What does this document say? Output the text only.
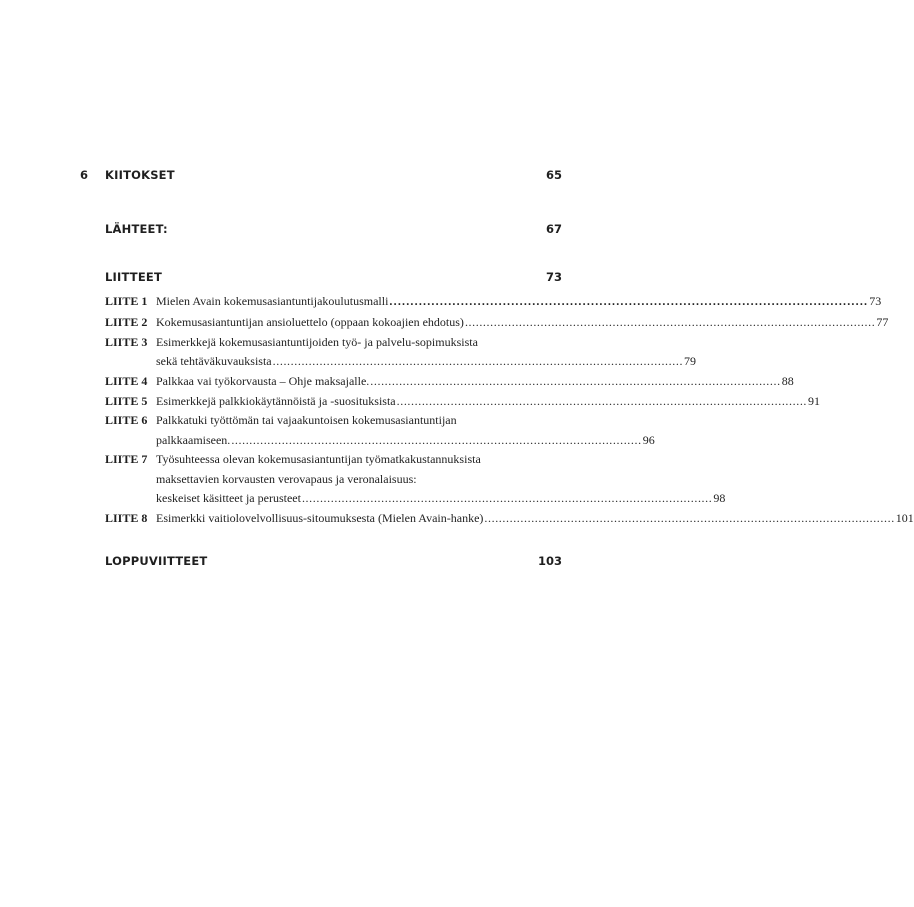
6 KIITOKSET	65
LÄHTEET:	67
LIITTEET	73
LIITE 1 Mielen Avain kokemusasiantuntijakoulutusmalli .................................................................................................................. 73
LIITE 2 Kokemusasiantuntijan ansioluettelo (oppaan kokoajien ehdotus) .................................................................................................................. 77
LIITE 3 Esimerkkejä kokemusasiantuntijoiden työ- ja palvelu-sopimuksista
sekä tehtäväkuvauksista .................................................................................................................. 79
LIITE 4 Palkkaa vai työkorvausta – Ohje maksajalle. .................................................................................................................. 88
LIITE 5 Esimerkkejä palkkiokäytännöistä ja -suosituksista .................................................................................................................. 91
LIITE 6 Palkkatuki työttömän tai vajaakuntoisen kokemusasiantuntijan
palkkaamiseen. .................................................................................................................. 96
LIITE 7 Työsuhteessa olevan kokemusasiantuntijan työmatkakustannuksista
maksettavien korvausten verovapaus ja veronalaisuus:
keskeiset käsitteet ja perusteet .................................................................................................................. 98
LIITE 8 Esimerkki vaitiolovelvollisuus-sitoumuksesta (Mielen Avain-hanke) .................................................................................................................. 101
LOPPUVIITTEET	103
